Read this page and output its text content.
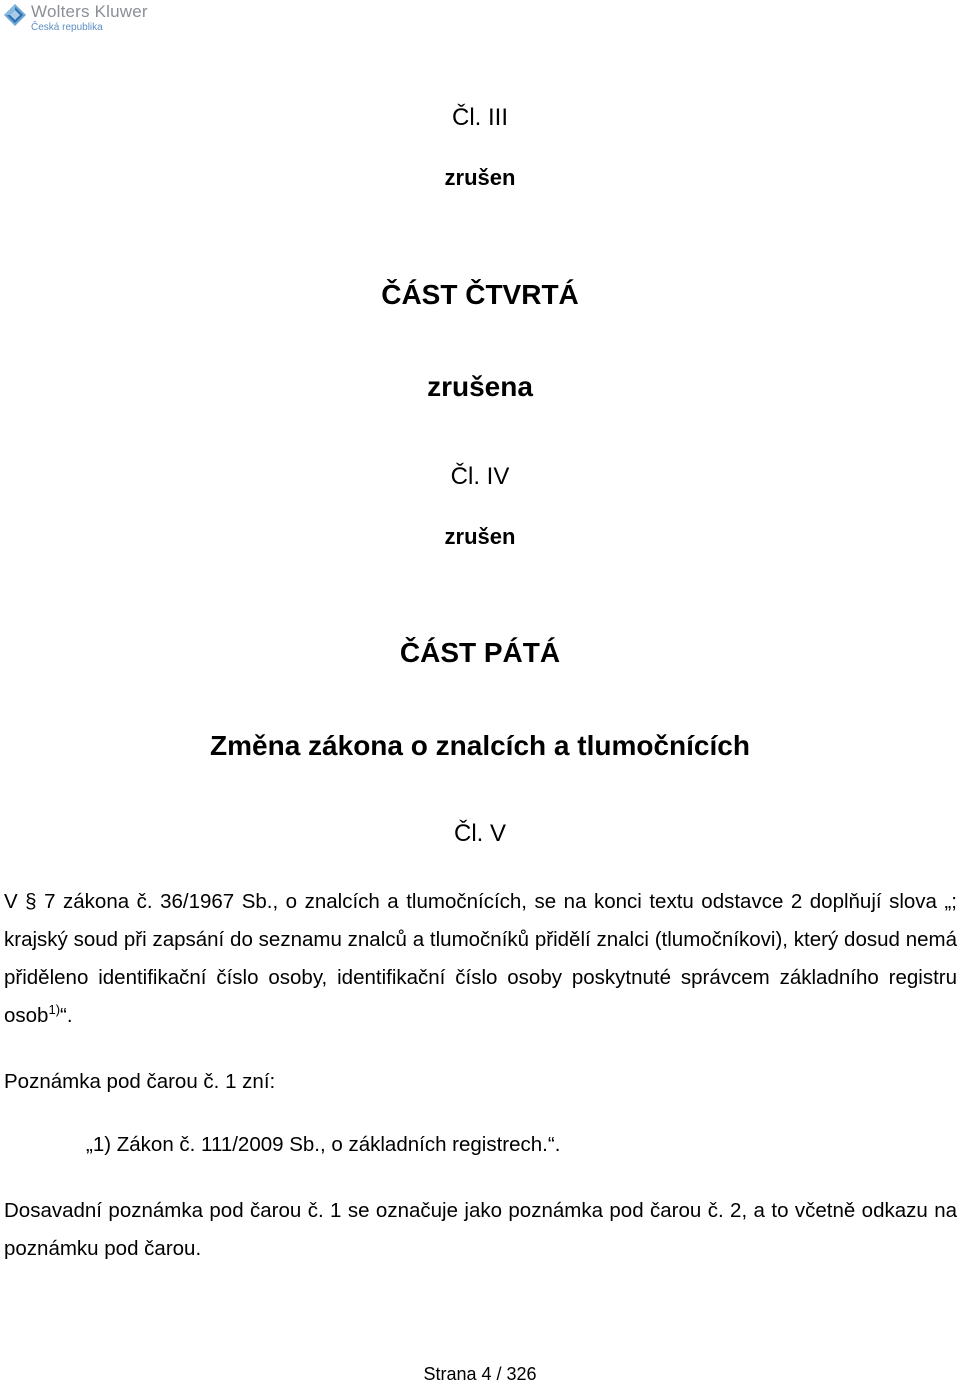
Wolters Kluwer
Česká republika
Čl. III
zrušen
ČÁST ČTVRTÁ
zrušena
Čl. IV
zrušen
ČÁST PÁTÁ
Změna zákona o znalcích a tlumočnících
Čl. V

V § 7 zákona č. 36/1967 Sb., o znalcích a tlumočnících, se na konci textu odstavce 2 doplňují slova „; krajský soud při zapsání do seznamu znalců a tlumočníků přidělí znalci (tlumočníkovi), který dosud nemá přiděleno identifikační číslo osoby, identifikační číslo osoby poskytnuté správcem základního registru osob$^{1)}$“.

Poznámka pod čarou č. 1 zní:
„1) Zákon č. 111/2009 Sb., o základních registrech.“.
Dosavadní poznámka pod čarou č. 1 se označuje jako poznámka pod čarou č. 2, a to včetně odkazu na poznámku pod čarou.
Strana 4 / 326
